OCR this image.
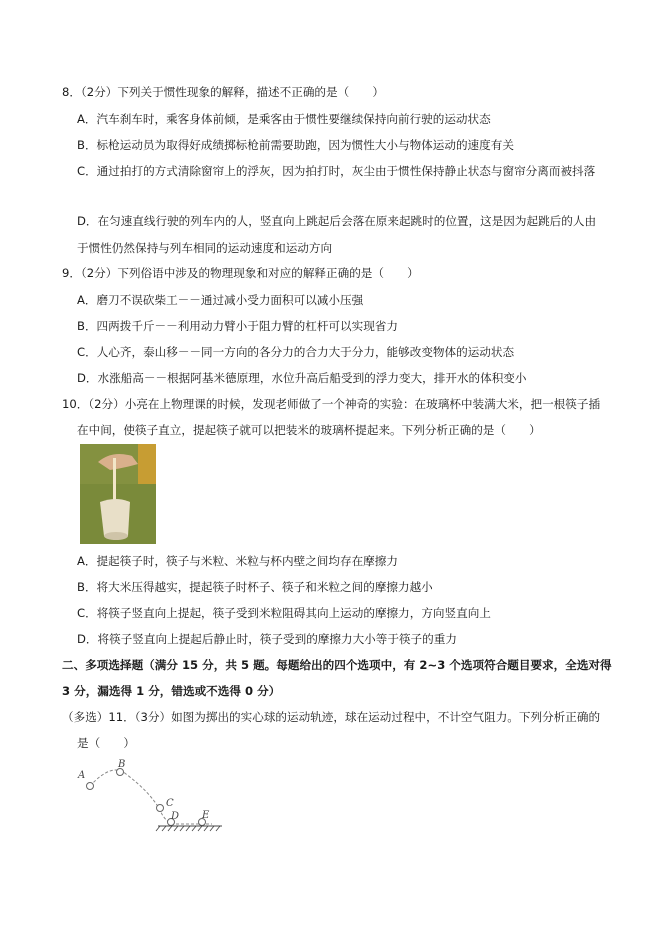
8．（2分）下列关于惯性现象的解释，描述不正确的是（　　）
A．汽车刹车时，乘客身体前倾，是乘客由于惯性要继续保持向前行驶的运动状态
B．标枪运动员为取得好成绩掷标枪前需要助跑，因为惯性大小与物体运动的速度有关
C．通过拍打的方式清除窗帘上的浮灰，因为拍打时，灰尘由于惯性保持静止状态与窗帘分离而被抖落
D．在匀速直线行驶的列车内的人，竖直向上跳起后会落在原来起跳时的位置，这是因为起跳后的人由
于惯性仍然保持与列车相同的运动速度和运动方向
9．（2分）下列俗语中涉及的物理现象和对应的解释正确的是（　　）
A．磨刀不误砍柴工－－通过减小受力面积可以减小压强
B．四两拨千斤－－利用动力臂小于阻力臂的杠杆可以实现省力
C．人心齐，泰山移－－同一方向的各分力的合力大于分力，能够改变物体的运动状态
D．水涨船高－－根据阿基米德原理，水位升高后船受到的浮力变大，排开水的体积变小
10．（2分）小亮在上物理课的时候，发现老师做了一个神奇的实验：在玻璃杯中装满大米，把一根筷子插
在中间，使筷子直立，提起筷子就可以把装米的玻璃杯提起来。下列分析正确的是（　　）
A．提起筷子时，筷子与米粒、米粒与杯内壁之间均存在摩擦力
B．将大米压得越实，提起筷子时杯子、筷子和米粒之间的摩擦力越小
C．将筷子竖直向上提起，筷子受到米粒阻碍其向上运动的摩擦力，方向竖直向上
D．将筷子竖直向上提起后静止时，筷子受到的摩擦力大小等于筷子的重力
二、多项选择题（满分 15 分，共 5 题。每题给出的四个选项中，有 2~3 个选项符合题目要求，全选对得
3 分，漏选得 1 分，错选或不选得 0 分）
（多选）11．（3分）如图为掷出的实心球的运动轨迹，球在运动过程中，不计空气阻力。下列分析正确的
是（　　）
A
B
C
D E
